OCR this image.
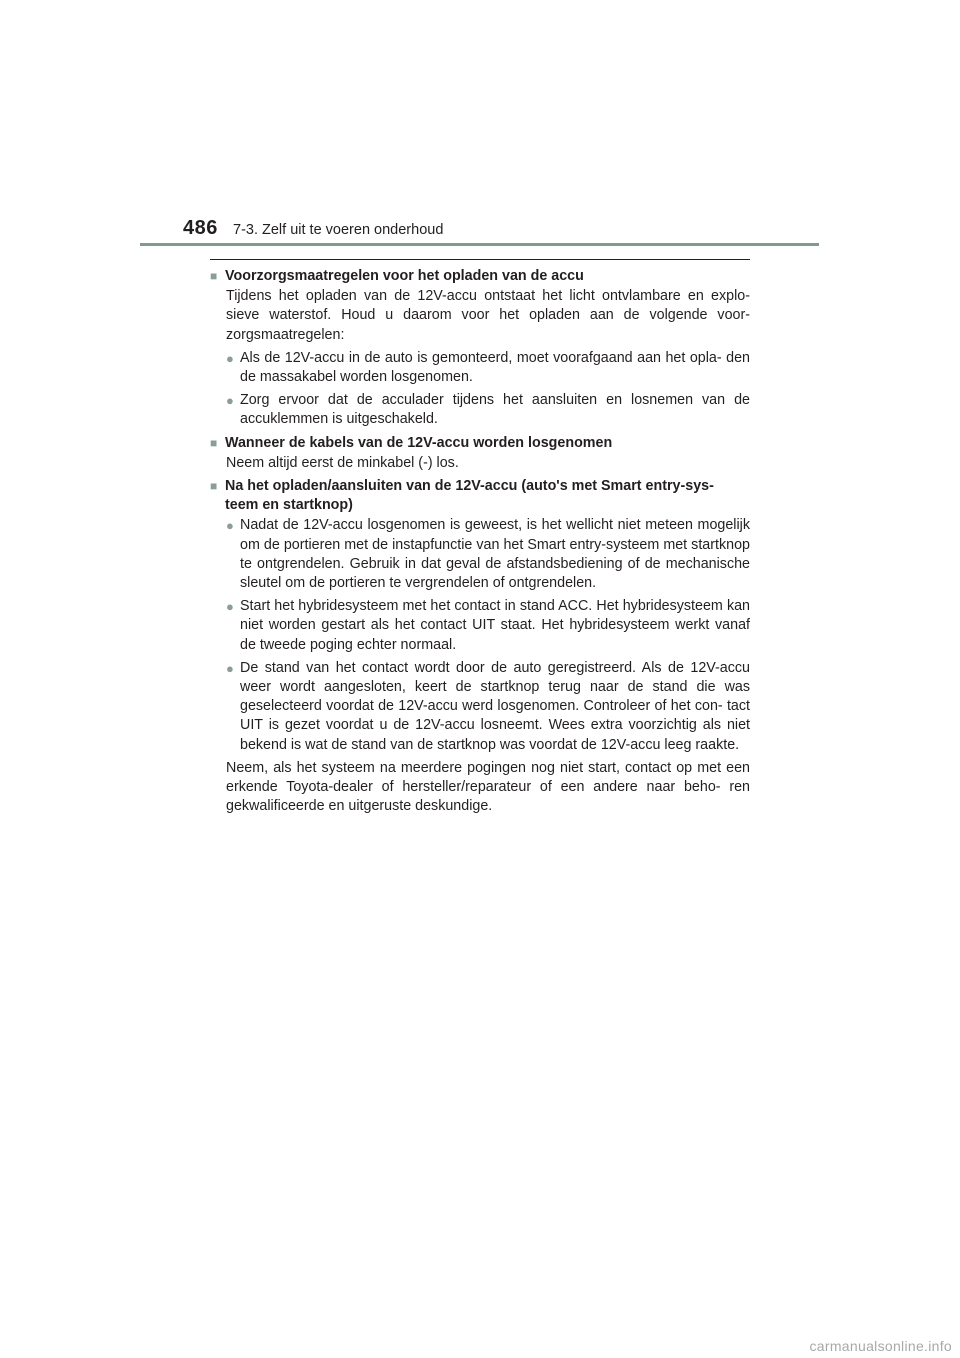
486 7-3. Zelf uit te voeren onderhoud
■ Voorzorgsmaatregelen voor het opladen van de accu
Tijdens het opladen van de 12V-accu ontstaat het licht ontvlambare en explo- sieve waterstof. Houd u daarom voor het opladen aan de volgende voor- zorgsmaatregelen:
● Als de 12V-accu in de auto is gemonteerd, moet voorafgaand aan het opla- den de massakabel worden losgenomen.
● Zorg ervoor dat de acculader tijdens het aansluiten en losnemen van de accuklemmen is uitgeschakeld.
■ Wanneer de kabels van de 12V-accu worden losgenomen
Neem altijd eerst de minkabel (-) los.
■ Na het opladen/aansluiten van de 12V-accu (auto's met Smart entry-sys- teem en startknop)
● Nadat de 12V-accu losgenomen is geweest, is het wellicht niet meteen mogelijk om de portieren met de instapfunctie van het Smart entry-systeem met startknop te ontgrendelen. Gebruik in dat geval de afstandsbediening of de mechanische sleutel om de portieren te vergrendelen of ontgrendelen.
● Start het hybridesysteem met het contact in stand ACC. Het hybridesysteem kan niet worden gestart als het contact UIT staat. Het hybridesysteem werkt vanaf de tweede poging echter normaal.
● De stand van het contact wordt door de auto geregistreerd. Als de 12V-accu weer wordt aangesloten, keert de startknop terug naar de stand die was geselecteerd voordat de 12V-accu werd losgenomen. Controleer of het con- tact UIT is gezet voordat u de 12V-accu losneemt. Wees extra voorzichtig als niet bekend is wat de stand van de startknop was voordat de 12V-accu leeg raakte.
Neem, als het systeem na meerdere pogingen nog niet start, contact op met een erkende Toyota-dealer of hersteller/reparateur of een andere naar beho- ren gekwalificeerde en uitgeruste deskundige.
carmanualsonline.info
